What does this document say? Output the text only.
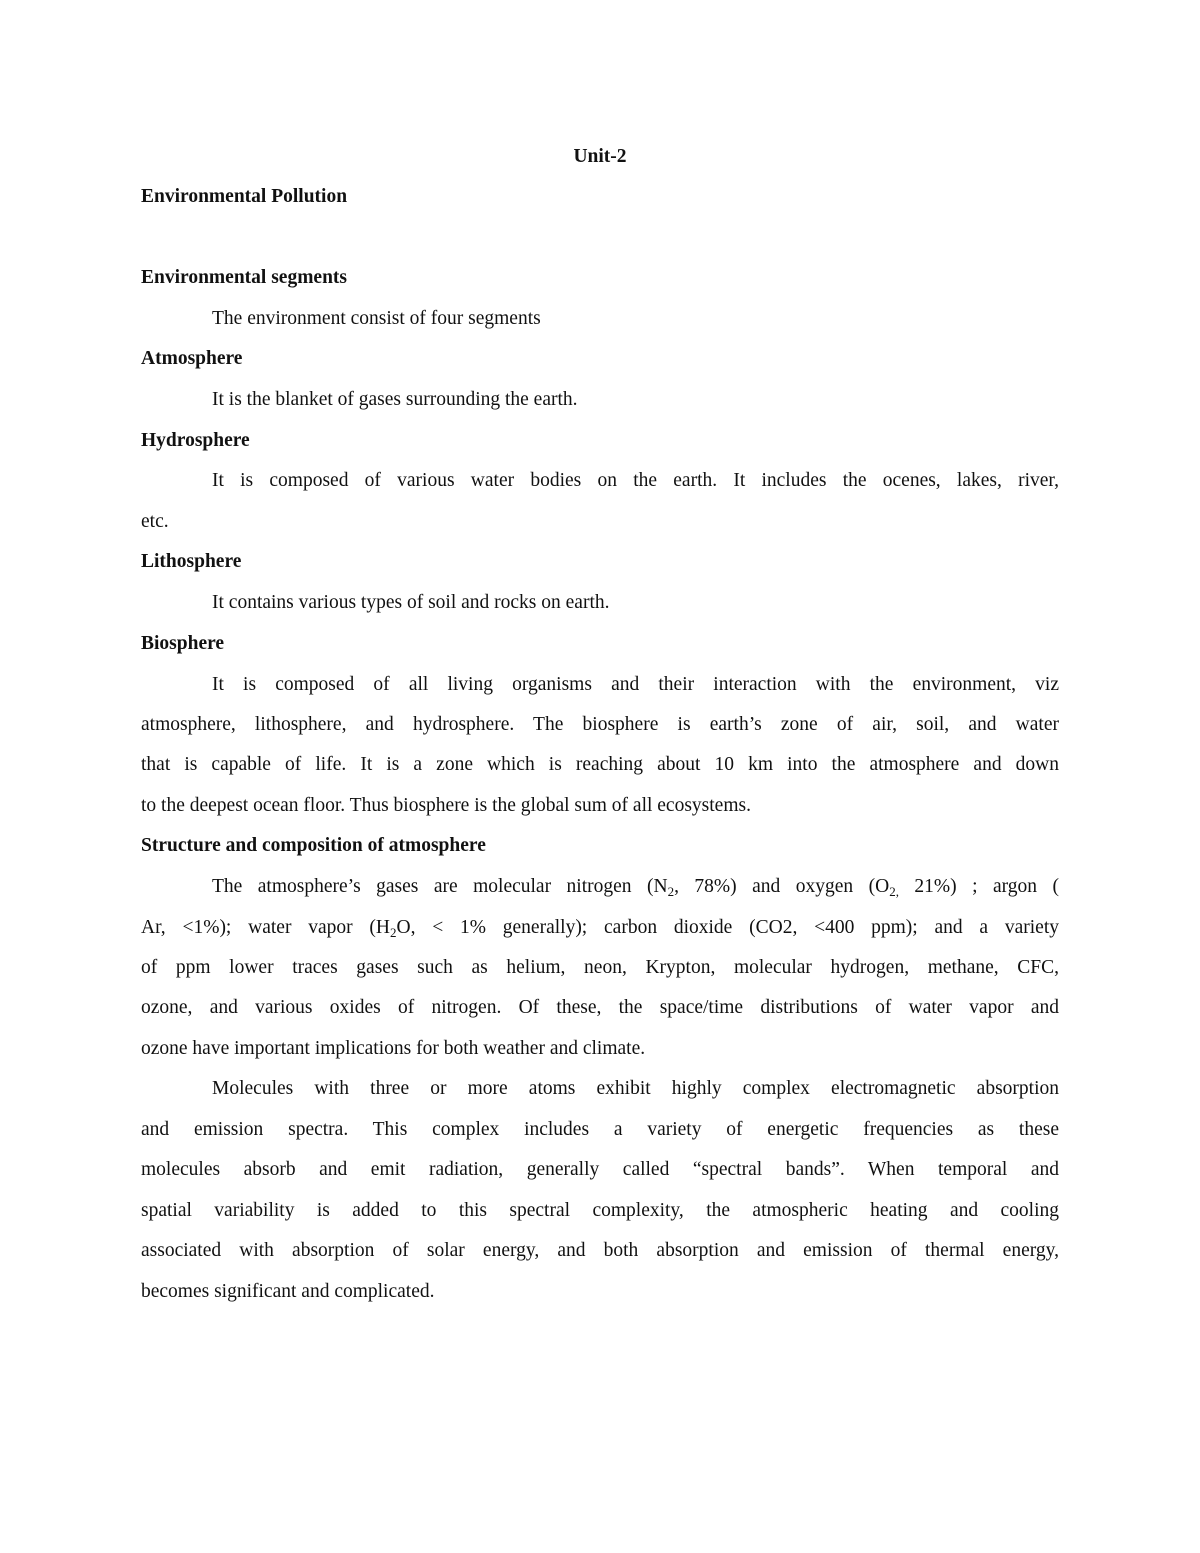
Unit-2
Environmental Pollution
Environmental segments
The environment consist of four segments
Atmosphere
It is the blanket of gases surrounding the earth.
Hydrosphere
It is composed of various water bodies on the earth. It includes the ocenes, lakes, river,
etc.
Lithosphere
It contains various types of soil and rocks on earth.
Biosphere
It is composed of all living organisms and their interaction with the environment, viz
atmosphere, lithosphere, and hydrosphere. The biosphere is earth’s zone of air, soil, and water
that is capable of life. It is a zone which is reaching about 10 km into the atmosphere and down
to the deepest ocean floor. Thus biosphere is the global sum of all ecosystems.
Structure and composition of atmosphere
The atmosphere’s gases are molecular nitrogen ($N_2$, 78%) and oxygen ($O_{2,}$ 21%) ; argon (
Ar, <1%); water vapor ($H_2O$, < 1% generally); carbon dioxide (CO2, <400 ppm); and a variety
of ppm lower traces gases such as helium, neon, Krypton, molecular hydrogen, methane, CFC,
ozone, and various oxides of nitrogen. Of these, the space/time distributions of water vapor and
ozone have important implications for both weather and climate.
Molecules with three or more atoms exhibit highly complex electromagnetic absorption
and emission spectra. This complex includes a variety of energetic frequencies as these
molecules absorb and emit radiation, generally called “spectral bands”. When temporal and
spatial variability is added to this spectral complexity, the atmospheric heating and cooling
associated with absorption of solar energy, and both absorption and emission of thermal energy,
becomes significant and complicated.
